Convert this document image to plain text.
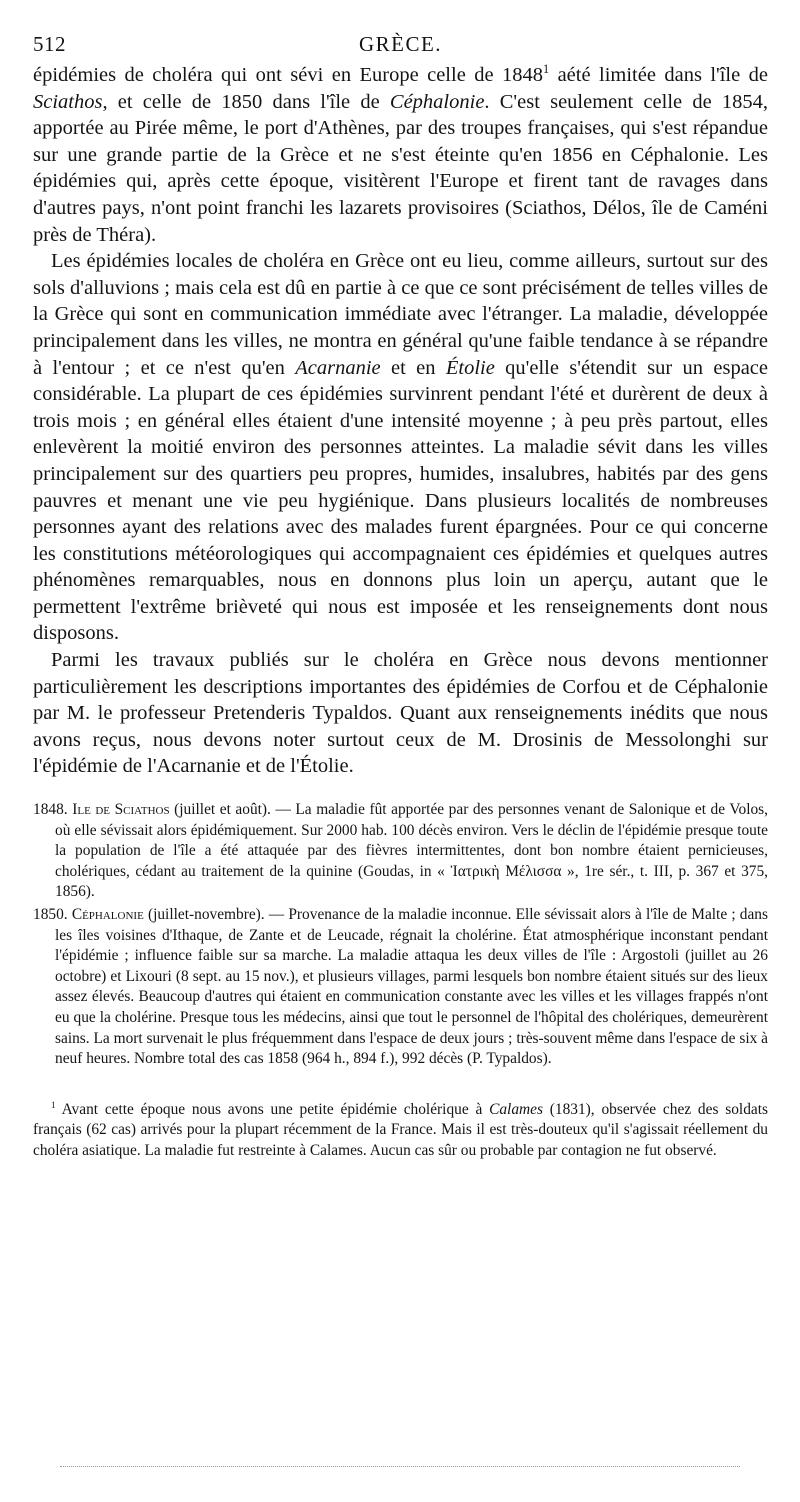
512	GRÈCE.

épidémies de choléra qui ont sévi en Europe celle de 1848$^1$ aété limitée dans l'île de Sciathos, et celle de 1850 dans l'île de Céphalonie. C'est seulement celle de 1854, apportée au Pirée même, le port d'Athènes, par des troupes françaises, qui s'est répandue sur une grande partie de la Grèce et ne s'est éteinte qu'en 1856 en Céphalonie. Les épidémies qui, après cette époque, visitèrent l'Europe et firent tant de ravages dans d'autres pays, n'ont point franchi les lazarets provisoires (Sciathos, Délos, île de Caméni près de Théra).

Les épidémies locales de choléra en Grèce ont eu lieu, comme ailleurs, surtout sur des sols d'alluvions ; mais cela est dû en partie à ce que ce sont précisément de telles villes de la Grèce qui sont en communication immédiate avec l'étranger. La maladie, développée principalement dans les villes, ne montra en général qu'une faible tendance à se répandre à l'entour ; et ce n'est qu'en Acarnanie et en Étolie qu'elle s'étendit sur un espace considérable. La plupart de ces épidémies survinrent pendant l'été et durèrent de deux à trois mois ; en général elles étaient d'une intensité moyenne ; à peu près partout, elles enlevèrent la moitié environ des personnes atteintes. La maladie sévit dans les villes principalement sur des quartiers peu propres, humides, insalubres, habités par des gens pauvres et menant une vie peu hygiénique. Dans plusieurs localités de nombreuses personnes ayant des relations avec des malades furent épargnées. Pour ce qui concerne les constitutions météorologiques qui accompagnaient ces épidémies et quelques autres phénomènes remarquables, nous en donnons plus loin un aperçu, autant que le permettent l'extrême brièveté qui nous est imposée et les renseignements dont nous disposons.

Parmi les travaux publiés sur le choléra en Grèce nous devons mentionner particulièrement les descriptions importantes des épidémies de Corfou et de Céphalonie par M. le professeur Pretenderis Typaldos. Quant aux renseignements inédits que nous avons reçus, nous devons noter surtout ceux de M. Drosinis de Messolonghi sur l'épidémie de l'Acarnanie et de l'Étolie.

1848. Ile de Sciathos (juillet et août). — La maladie fût apportée par des personnes venant de Salonique et de Volos, où elle sévissait alors épidémiquement. Sur 2000 hab. 100 décès environ. Vers le déclin de l'épidémie presque toute la population de l'île a été attaquée par des fièvres intermittentes, dont bon nombre étaient pernicieuses, cholériques, cédant au traitement de la quinine (Goudas, in « Ἰατρικὴ Μέλισσα », 1re sér., t. III, p. 367 et 375, 1856).

1850. Céphalonie (juillet-novembre). — Provenance de la maladie inconnue. Elle sévissait alors à l'île de Malte ; dans les îles voisines d'Ithaque, de Zante et de Leucade, régnait la cholérine. État atmosphérique inconstant pendant l'épidémie ; influence faible sur sa marche. La maladie attaqua les deux villes de l'île : Argostoli (juillet au 26 octobre) et Lixouri (8 sept. au 15 nov.), et plusieurs villages, parmi lesquels bon nombre étaient situés sur des lieux assez élevés. Beaucoup d'autres qui étaient en communication constante avec les villes et les villages frappés n'ont eu que la cholérine. Presque tous les médecins, ainsi que tout le personnel de l'hôpital des cholériques, demeurèrent sains. La mort survenait le plus fréquemment dans l'espace de deux jours ; très-souvent même dans l'espace de six à neuf heures. Nombre total des cas 1858 (964 h., 894 f.), 992 décès (P. Typaldos).

$^1$ Avant cette époque nous avons une petite épidémie cholérique à Calames (1831), observée chez des soldats français (62 cas) arrivés pour la plupart récemment de la France. Mais il est très-douteux qu'il s'agissait réellement du choléra asiatique. La maladie fut restreinte à Calames. Aucun cas sûr ou probable par contagion ne fut observé.
